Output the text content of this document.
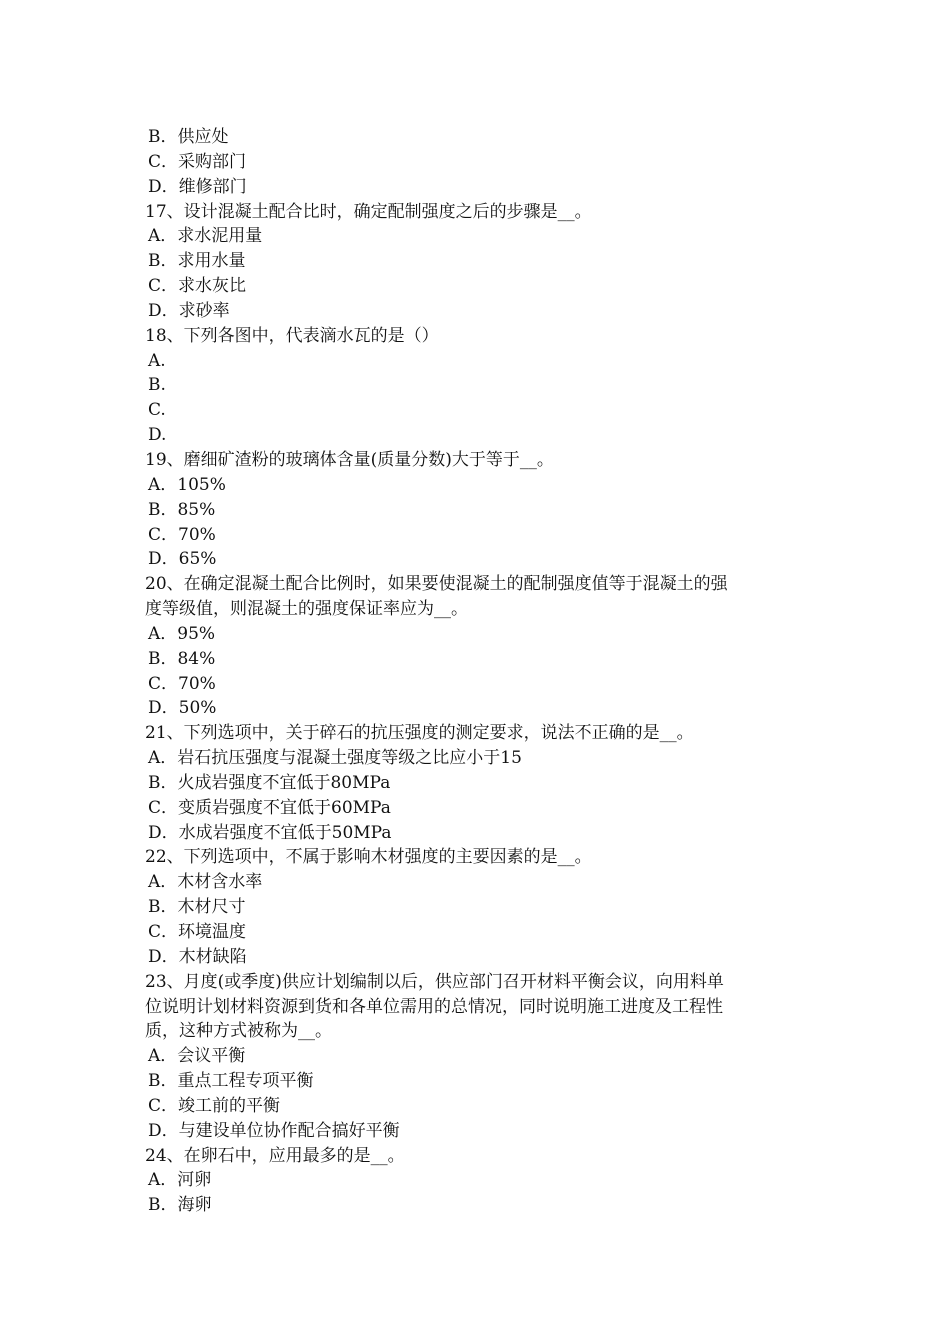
B．供应处
C．采购部门
D．维修部门
17、设计混凝土配合比时，确定配制强度之后的步骤是__。
A．求水泥用量
B．求用水量
C．求水灰比
D．求砂率
18、下列各图中，代表滴水瓦的是（）
A.
B.
C.
D.
19、磨细矿渣粉的玻璃体含量(质量分数)大于等于__。
A．105%
B．85%
C．70%
D．65%
20、在确定混凝土配合比例时，如果要使混凝土的配制强度值等于混凝土的强
度等级值，则混凝土的强度保证率应为__。
A．95%
B．84%
C．70%
D．50%
21、下列选项中，关于碎石的抗压强度的测定要求，说法不正确的是__。
A．岩石抗压强度与混凝土强度等级之比应小于15
B．火成岩强度不宜低于80MPa
C．变质岩强度不宜低于60MPa
D．水成岩强度不宜低于50MPa
22、下列选项中，不属于影响木材强度的主要因素的是__。
A．木材含水率
B．木材尺寸
C．环境温度
D．木材缺陷
23、月度(或季度)供应计划编制以后，供应部门召开材料平衡会议，向用料单
位说明计划材料资源到货和各单位需用的总情况，同时说明施工进度及工程性
质，这种方式被称为__。
A．会议平衡
B．重点工程专项平衡
C．竣工前的平衡
D．与建设单位协作配合搞好平衡
24、在卵石中，应用最多的是__。
A．河卵
B．海卵
